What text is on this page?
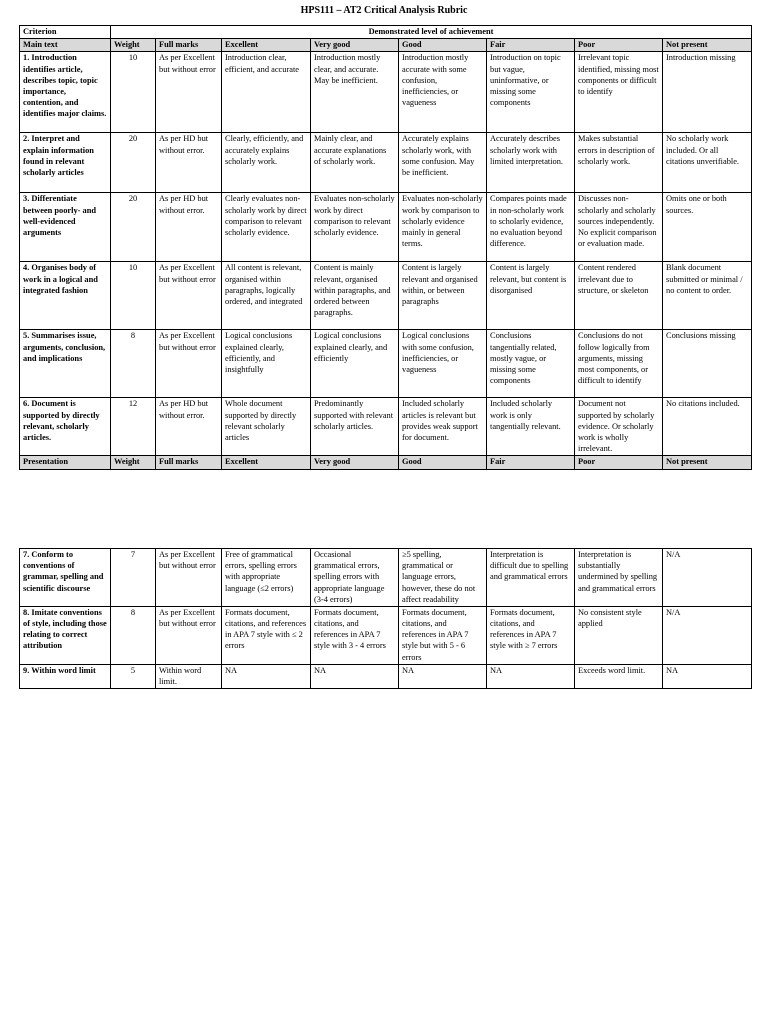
HPS111 – AT2 Critical Analysis Rubric
Criterion	Demonstrated level of achievement							
Main text	Weight	Full marks	Excellent	Very good	Good	Fair	Poor	Not present
1. Introduction identifies article, describes topic, topic importance, contention, and identifies major claims.	10	As per Excellent but without error	Introduction clear, efficient, and accurate	Introduction mostly clear, and accurate. May be inefficient.	Introduction mostly accurate with some confusion, inefficiencies, or vagueness	Introduction on topic but vague, uninformative, or missing some components	Irrelevant topic identified, missing most components or difficult to identify	Introduction missing
2. Interpret and explain information found in relevant scholarly articles	20	As per HD but without error.	Clearly, efficiently, and accurately explains scholarly work.	Mainly clear, and accurate explanations of scholarly work.	Accurately explains scholarly work, with some confusion. May be inefficient.	Accurately describes scholarly work with limited interpretation.	Makes substantial errors in description of scholarly work.	No scholarly work included. Or all citations unverifiable.
3. Differentiate between poorly- and well-evidenced arguments	20	As per HD but without error.	Clearly evaluates non-scholarly work by direct comparison to relevant scholarly evidence.	Evaluates non-scholarly work by direct comparison to relevant scholarly evidence.	Evaluates non-scholarly work by comparison to scholarly evidence mainly in general terms.	Compares points made in non-scholarly work to scholarly evidence, no evaluation beyond difference.	Discusses non-scholarly and scholarly sources independently. No explicit comparison or evaluation made.	Omits one or both sources.
4. Organises body of work in a logical and integrated fashion	10	As per Excellent but without error	All content is relevant, organised within paragraphs, logically ordered, and integrated	Content is mainly relevant, organised within paragraphs, and ordered between paragraphs.	Content is largely relevant and organised within, or between paragraphs	Content is largely relevant, but content is disorganised	Content rendered irrelevant due to structure, or skeleton	Blank document submitted or minimal / no content to order.
5. Summarises issue, arguments, conclusion, and implications	8	As per Excellent but without error	Logical conclusions explained clearly, efficiently, and insightfully	Logical conclusions explained clearly, and efficiently	Logical conclusions with some confusion, inefficiencies, or vagueness	Conclusions tangentially related, mostly vague, or missing some components	Conclusions do not follow logically from arguments, missing most components, or difficult to identify	Conclusions missing
6. Document is supported by directly relevant, scholarly articles.	12	As per HD but without error.	Whole document supported by directly relevant scholarly articles	Predominantly supported with relevant scholarly articles.	Included scholarly articles is relevant but provides weak support for document.	Included scholarly work is only tangentially relevant.	Document not supported by scholarly evidence. Or scholarly work is wholly irrelevant.	No citations included.
Presentation	Weight	Full marks	Excellent	Very good	Good	Fair	Poor	Not present
7. Conform to conventions of grammar, spelling and scientific discourse	7	As per Excellent but without error	Free of grammatical errors, spelling errors with appropriate language (≤2 errors)	Occasional grammatical errors, spelling errors with appropriate language (3-4 errors)	≥5 spelling, grammatical or language errors, however, these do not affect readability	Interpretation is difficult due to spelling and grammatical errors	Interpretation is substantially undermined by spelling and grammatical errors	N/A
8. Imitate conventions of style, including those relating to correct attribution	8	As per Excellent but without error	Formats document, citations, and references in APA 7 style with ≤ 2 errors	Formats document, citations, and references in APA 7 style with 3 - 4 errors	Formats document, citations, and references in APA 7 style but with 5 - 6 errors	Formats document, citations, and references in APA 7 style with ≥ 7 errors	No consistent style applied	N/A
9. Within word limit	5	Within word limit.	NA	NA	NA	NA	Exceeds word limit.	NA
